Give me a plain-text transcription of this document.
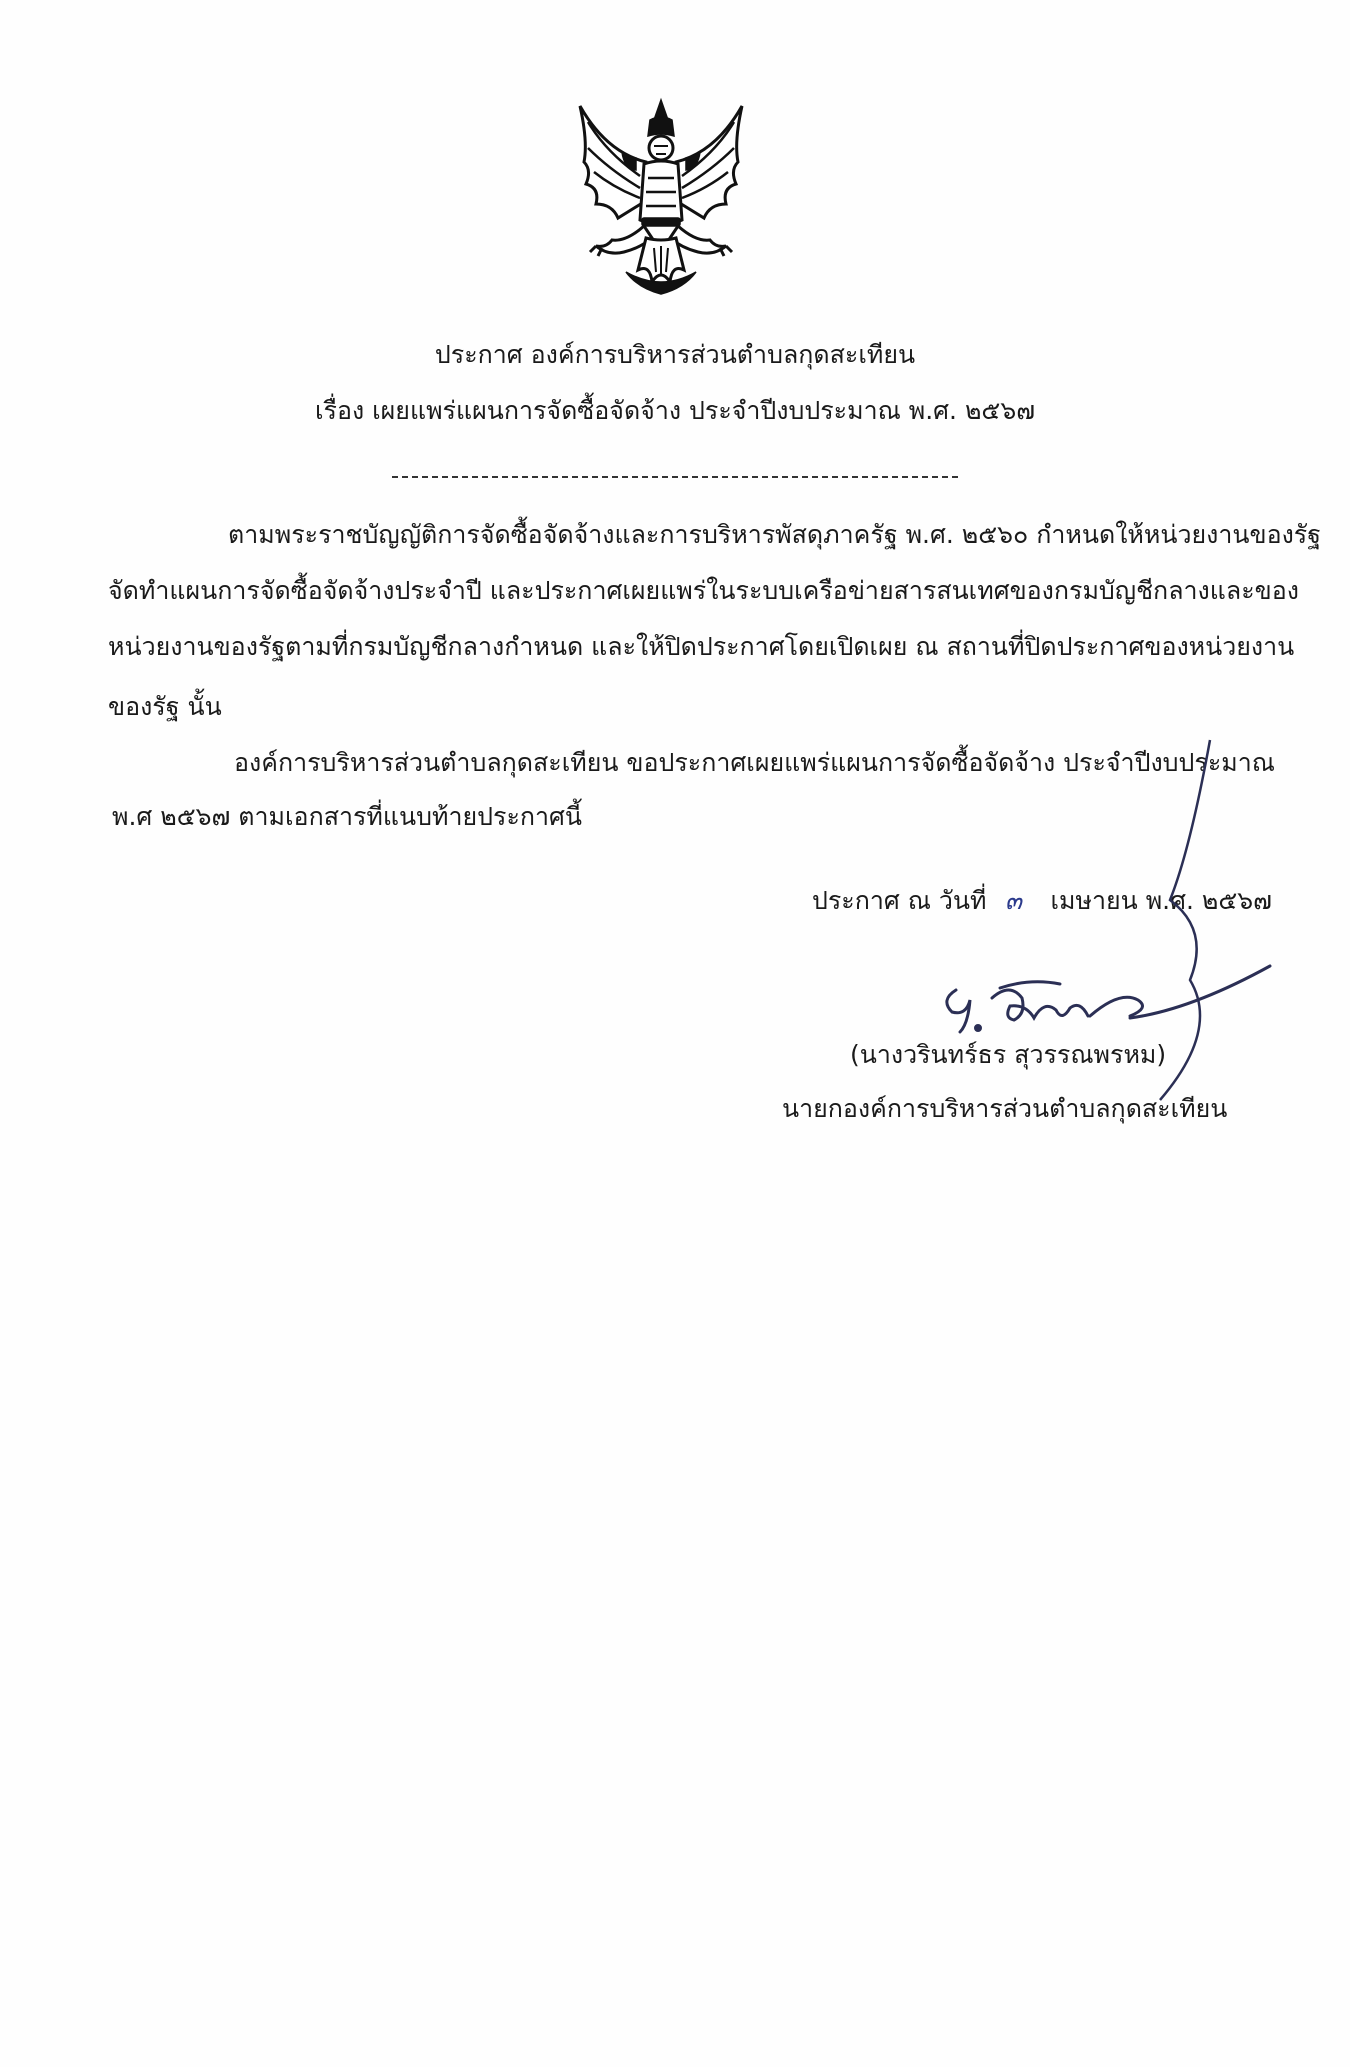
ประกาศ องค์การบริหารส่วนตำบลกุดสะเทียน
เรื่อง เผยแพร่แผนการจัดซื้อจัดจ้าง ประจำปีงบประมาณ พ.ศ. ๒๕๖๗
ตามพระราชบัญญัติการจัดซื้อจัดจ้างและการบริหารพัสดุภาครัฐ พ.ศ. ๒๕๖๐ กำหนดให้หน่วยงานของรัฐ
จัดทำแผนการจัดซื้อจัดจ้างประจำปี และประกาศเผยแพร่ในระบบเครือข่ายสารสนเทศของกรมบัญชีกลางและของ
หน่วยงานของรัฐตามที่กรมบัญชีกลางกำหนด และให้ปิดประกาศโดยเปิดเผย ณ สถานที่ปิดประกาศของหน่วยงาน
ของรัฐ นั้น
องค์การบริหารส่วนตำบลกุดสะเทียน ขอประกาศเผยแพร่แผนการจัดซื้อจัดจ้าง ประจำปีงบประมาณ
พ.ศ ๒๕๖๗ ตามเอกสารที่แนบท้ายประกาศนี้
ประกาศ ณ วันที่ ๓ เมษายน พ.ศ. ๒๕๖๗
(นางวรินทร์ธร สุวรรณพรหม)
นายกองค์การบริหารส่วนตำบลกุดสะเทียน
